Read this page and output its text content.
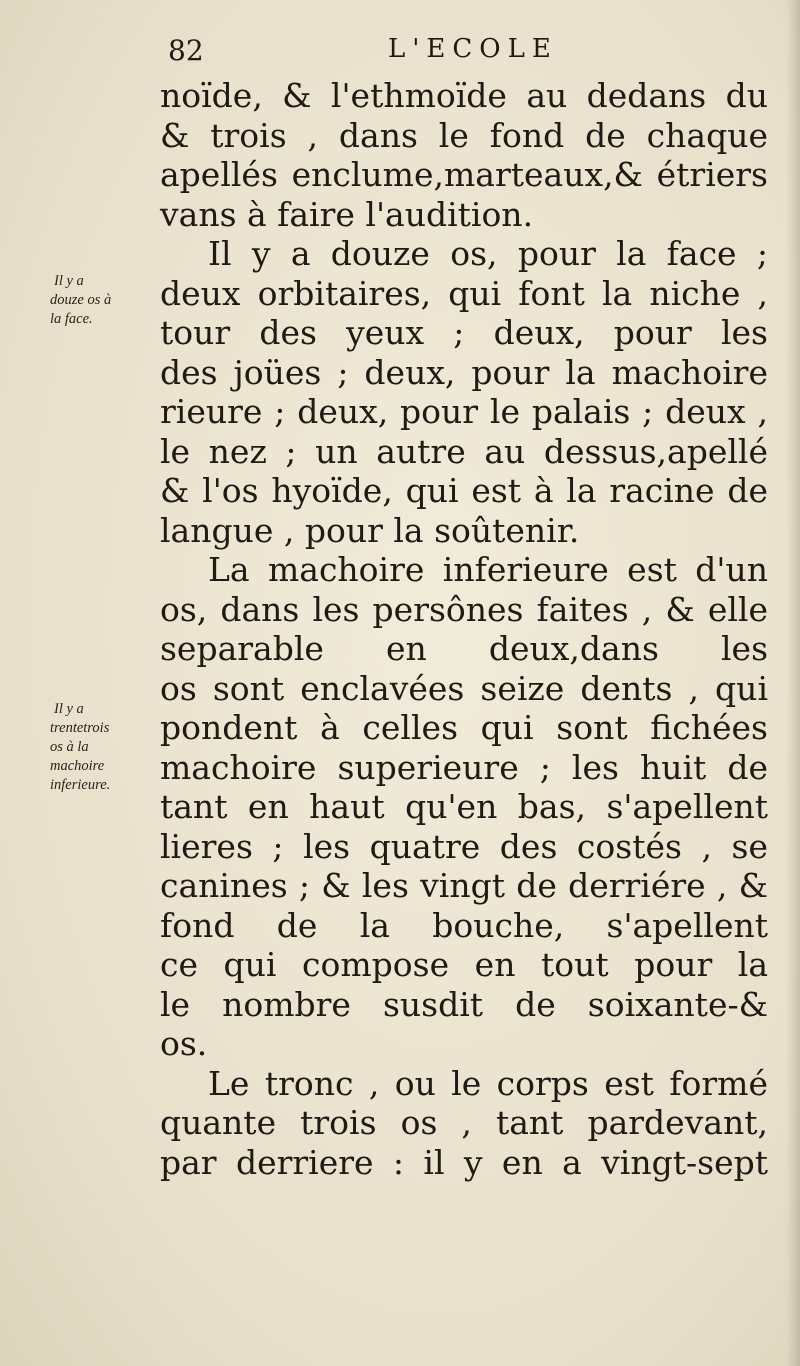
82	L'ECOLE
Il y a
douze os à
la face.
Il y a
trentetrois
os à la
machoire
inferieure.
noïde, & l'ethmoïde au dedans du
& trois , dans le fond de chaque
apellés enclume,marteaux,& étriers
vans à faire l'audition.
Il y a douze os, pour la face ;
deux orbitaires, qui font la niche ,
tour des yeux ; deux, pour les
des joües ; deux, pour la machoire
rieure ; deux, pour le palais ; deux ,
le nez ; un autre au dessus,apellé
& l'os hyoïde, qui est à la racine de
langue , pour la soûtenir.
La machoire inferieure est d'un
os, dans les persônes faites , & elle
separable en deux,dans les
os sont enclavées seize dents , qui
pondent à celles qui sont fichées
machoire superieure ; les huit de
tant en haut qu'en bas, s'apellent
lieres ; les quatre des costés , se
canines ; & les vingt de derriére , &
fond de la bouche, s'apellent
ce qui compose en tout pour la
le nombre susdit de soixante-&
os.
Le tronc , ou le corps est formé
quante trois os , tant pardevant,
par derriere : il y en a vingt-sept
